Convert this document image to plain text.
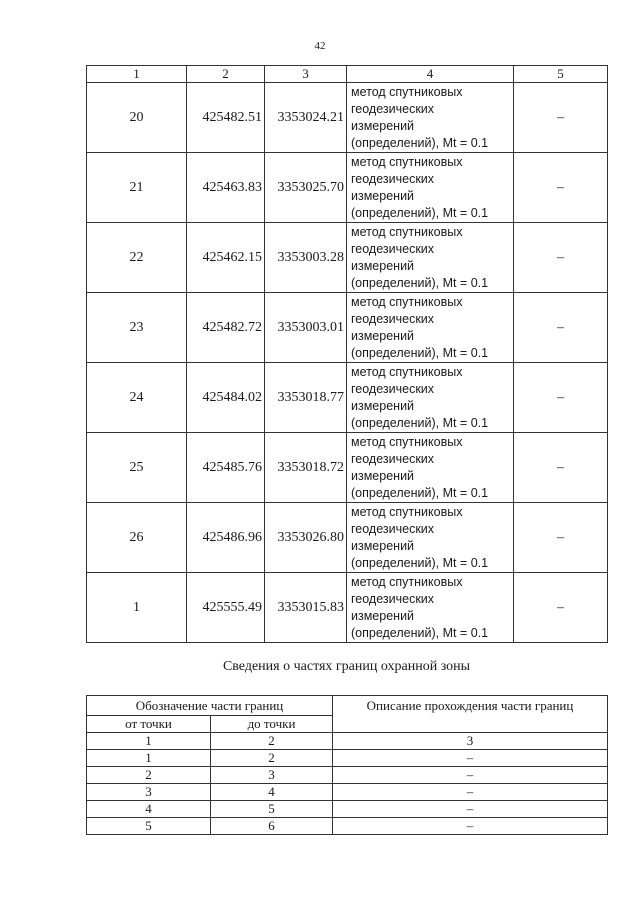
42
1	2	3	4	5
20	425482.51	3353024.21	метод спутниковых
геодезических
измерений
(определений), Mt = 0.1	–
21	425463.83	3353025.70	метод спутниковых
геодезических
измерений
(определений), Mt = 0.1	–
22	425462.15	3353003.28	метод спутниковых
геодезических
измерений
(определений), Mt = 0.1	–
23	425482.72	3353003.01	метод спутниковых
геодезических
измерений
(определений), Mt = 0.1	–
24	425484.02	3353018.77	метод спутниковых
геодезических
измерений
(определений), Mt = 0.1	–
25	425485.76	3353018.72	метод спутниковых
геодезических
измерений
(определений), Mt = 0.1	–
26	425486.96	3353026.80	метод спутниковых
геодезических
измерений
(определений), Mt = 0.1	–
1	425555.49	3353015.83	метод спутниковых
геодезических
измерений
(определений), Mt = 0.1	–
Сведения о частях границ охранной зоны
Обозначение части границ		Описание прохождения части границ
от точки	до точки	
1	2	3
1	2	–
2	3	–
3	4	–
4	5	–
5	6	–
